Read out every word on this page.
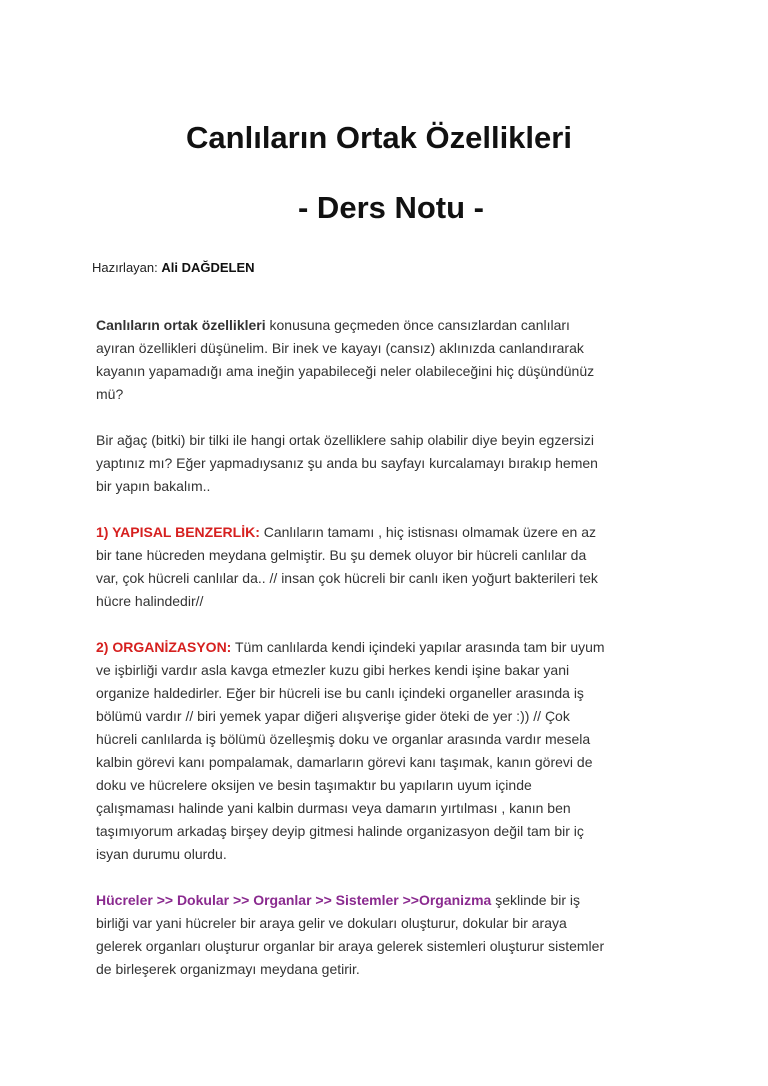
Canlıların Ortak Özellikleri
- Ders Notu -
Hazırlayan: Ali DAĞDELEN

Canlıların ortak özellikleri konusuna geçmeden önce cansızlardan canlıları
ayıran özellikleri düşünelim. Bir inek ve kayayı (cansız) aklınızda canlandırarak
kayanın yapamadığı ama ineğin yapabileceği neler olabileceğini hiç düşündünüz
mü?

Bir ağaç (bitki) bir tilki ile hangi ortak özelliklere sahip olabilir diye beyin egzersizi
yaptınız mı? Eğer yapmadıysanız şu anda bu sayfayı kurcalamayı bırakıp hemen
bir yapın bakalım..

1) YAPISAL BENZERLİK: Canlıların tamamı , hiç istisnası olmamak üzere en az
bir tane hücreden meydana gelmiştir. Bu şu demek oluyor bir hücreli canlılar da
var, çok hücreli canlılar da.. // insan çok hücreli bir canlı iken yoğurt bakterileri tek
hücre halindedir//

2) ORGANİZASYON: Tüm canlılarda kendi içindeki yapılar arasında tam bir uyum
ve işbirliği vardır asla kavga etmezler kuzu gibi herkes kendi işine bakar yani
organize haldedirler. Eğer bir hücreli ise bu canlı içindeki organeller arasında iş
bölümü vardır // biri yemek yapar diğeri alışverişe gider öteki de yer :)) // Çok
hücreli canlılarda iş bölümü özelleşmiş doku ve organlar arasında vardır mesela
kalbin görevi kanı pompalamak, damarların görevi kanı taşımak, kanın görevi de
doku ve hücrelere oksijen ve besin taşımaktır bu yapıların uyum içinde
çalışmaması halinde yani kalbin durması veya damarın yırtılması , kanın ben
taşımıyorum arkadaş birşey deyip gitmesi halinde organizasyon değil tam bir iç
isyan durumu olurdu.

Hücreler >> Dokular >> Organlar >> Sistemler >>Organizma şeklinde bir iş
birliği var yani hücreler bir araya gelir ve dokuları oluşturur, dokular bir araya
gelerek organları oluşturur organlar bir araya gelerek sistemleri oluşturur sistemler
de birleşerek organizmayı meydana getirir.
